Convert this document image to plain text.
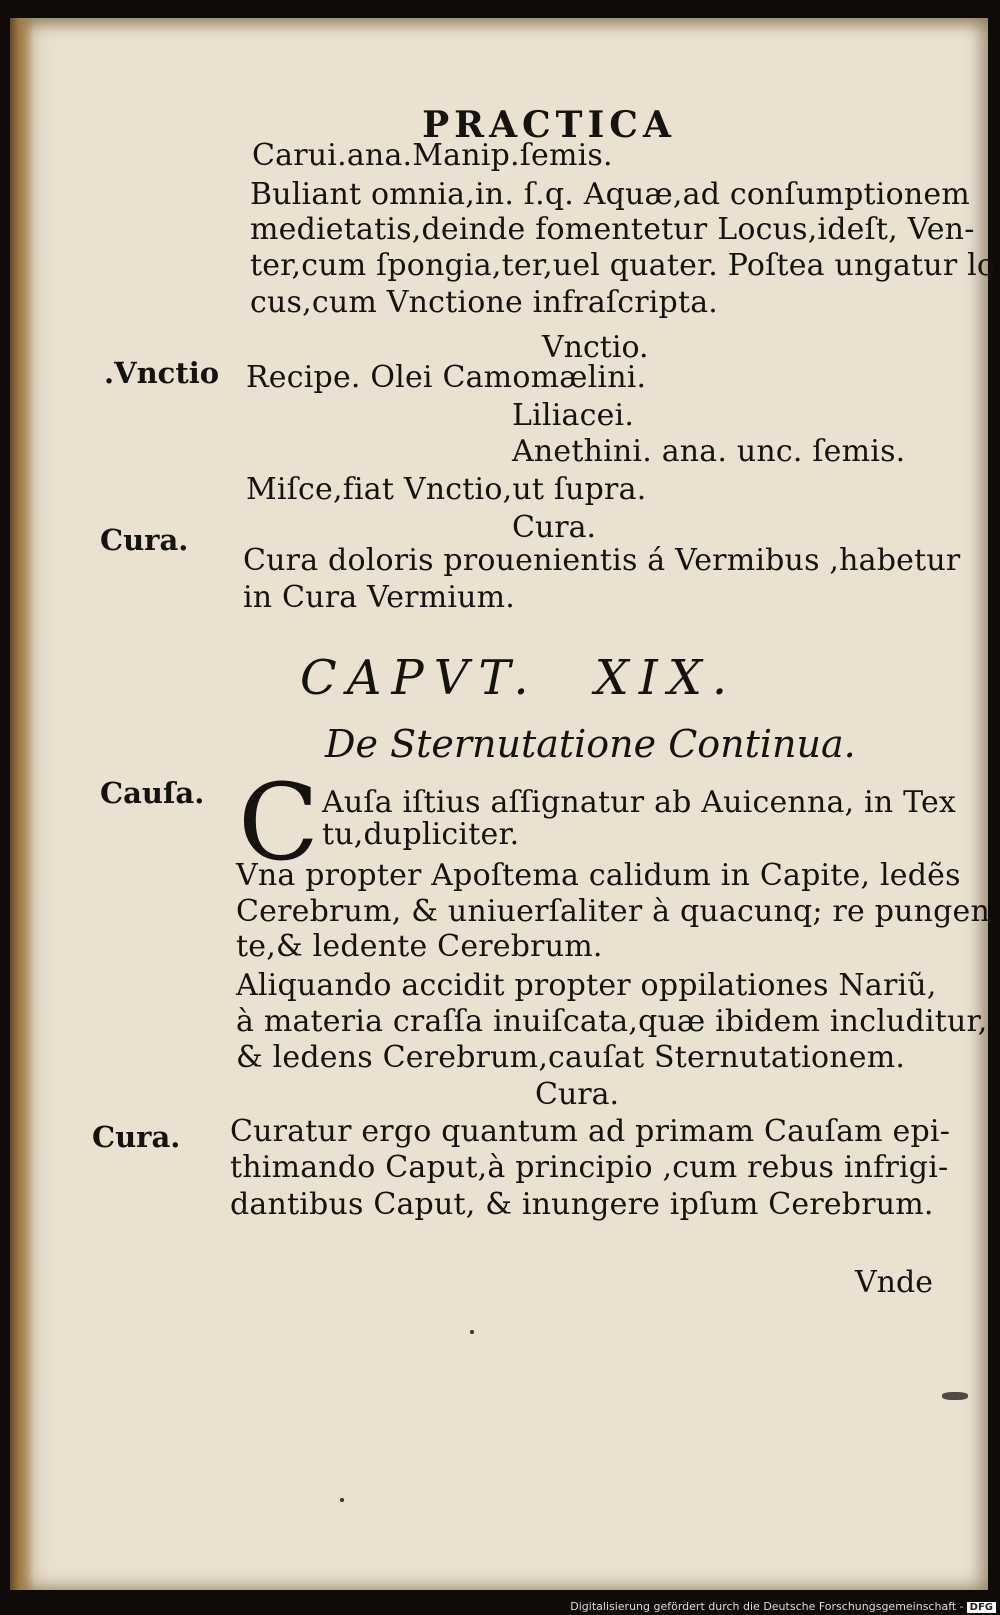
PRACTICA
Carui.ana.Manip.ſemis.
Buliant omnia,in. ſ.q. Aquæ,ad conſumptionem
medietatis,deinde fomentetur Locus,ideſt, Ven-
ter,cum ſpongia,ter,uel quater. Poſtea ungatur lo
cus,cum Vnctione infraſcripta.
Vnctio.
Recipe. Olei Camomælini.
Liliacei.
Anethini. ana. unc. ſemis.
Miſce,fiat Vnctio,ut ſupra.
Cura.
Cura doloris prouenientis á Vermibus ,habetur
in Cura Vermium.
CAPVT. XIX.
De Sternutatione Continua.
C Auſa iſtius aſſignatur ab Auicenna, in Tex
tu,dupliciter.
Vna propter Apoſtema calidum in Capite, ledẽs
Cerebrum, & uniuerſaliter à quacunq; re pungen
te,& ledente Cerebrum.
Aliquando accidit propter oppilationes Nariũ,
à materia craſſa inuiſcata,quæ ibidem includitur,
& ledens Cerebrum,cauſat Sternutationem.
Cura.
Curatur ergo quantum ad primam Cauſam epi-
thimando Caput,à principio ,cum rebus infrigi-
dantibus Caput, & inungere ipſum Cerebrum.
Vnde
.Vnctio
Cura.
Cauſa.
Cura.
Digitalisierung gefördert durch die Deutsche Forschungsgemeinschaft - DFG
